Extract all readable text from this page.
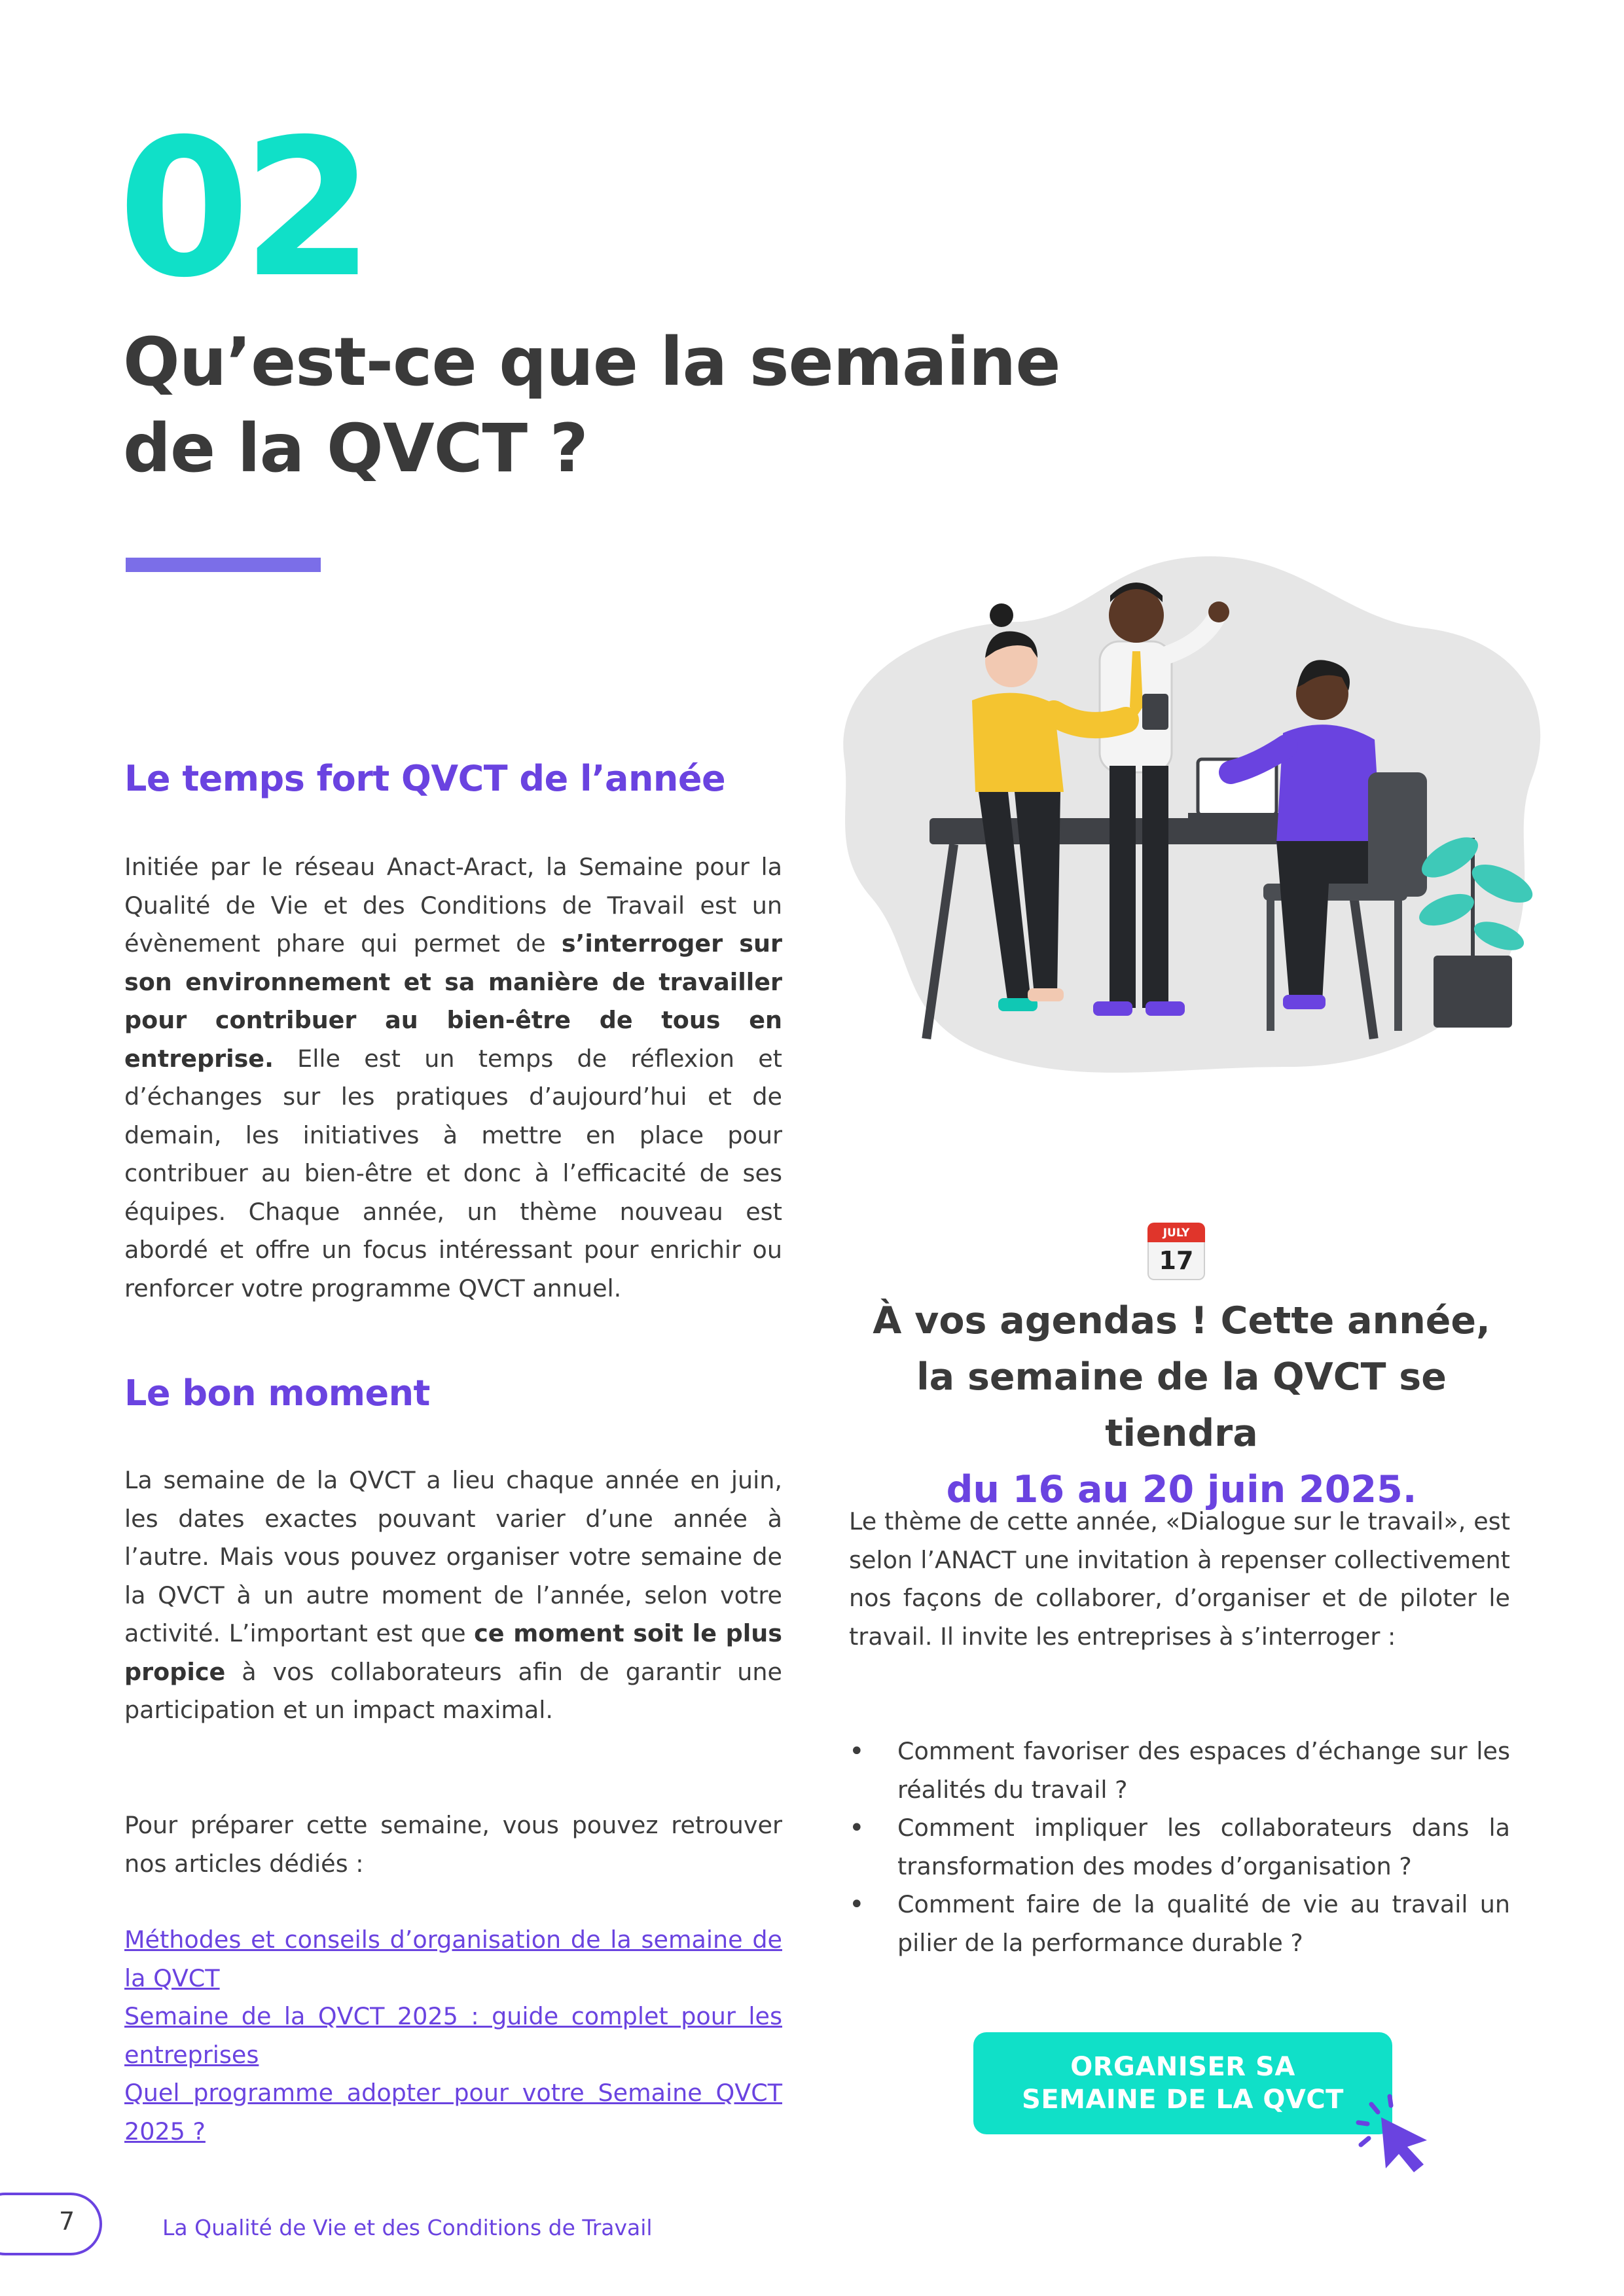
02
Qu’est-ce que la semaine
de la QVCT ?
Le temps fort QVCT de l’année
Initiée par le réseau Anact-Aract, la Semaine pour la Qualité de Vie et des Conditions de Travail est un évènement phare qui permet de s’interroger sur son environnement et sa manière de travailler pour contribuer au bien-être de tous en entreprise. Elle est un temps de réflexion et d’échanges sur les pratiques d’aujourd’hui et de demain, les initiatives à mettre en place pour contribuer au bien-être et donc à l’efficacité de ses équipes. Chaque année, un thème nouveau est abordé et offre un focus intéressant pour enrichir ou renforcer votre programme QVCT annuel.
Le bon moment
La semaine de la QVCT a lieu chaque année en juin, les dates exactes pouvant varier d’une année à l’autre. Mais vous pouvez organiser votre semaine de la QVCT à un autre moment de l’année, selon votre activité. L’important est que ce moment soit le plus propice à vos collaborateurs afin de garantir une participation et un impact maximal.
Pour préparer cette semaine, vous pouvez retrouver nos articles dédiés :
Méthodes et conseils d’organisation de la semaine de la QVCT
Semaine de la QVCT 2025 : guide complet pour les entreprises
Quel programme adopter pour votre Semaine QVCT 2025 ?
JULY
17
À vos agendas ! Cette année,
la semaine de la QVCT se tiendra
du 16 au 20 juin 2025.
Le thème de cette année, «Dialogue sur le travail», est selon l’ANACT une invitation à repenser collectivement nos façons de collaborer, d’organiser et de piloter le travail. Il invite les entreprises à s’interroger :
• Comment favoriser des espaces d’échange sur les réalités du travail ?
• Comment impliquer les collaborateurs dans la transformation des modes d’organisation ?
• Comment faire de la qualité de vie au travail un pilier de la performance durable ?
ORGANISER SA
SEMAINE DE LA QVCT
7	La Qualité de Vie et des Conditions de Travail
